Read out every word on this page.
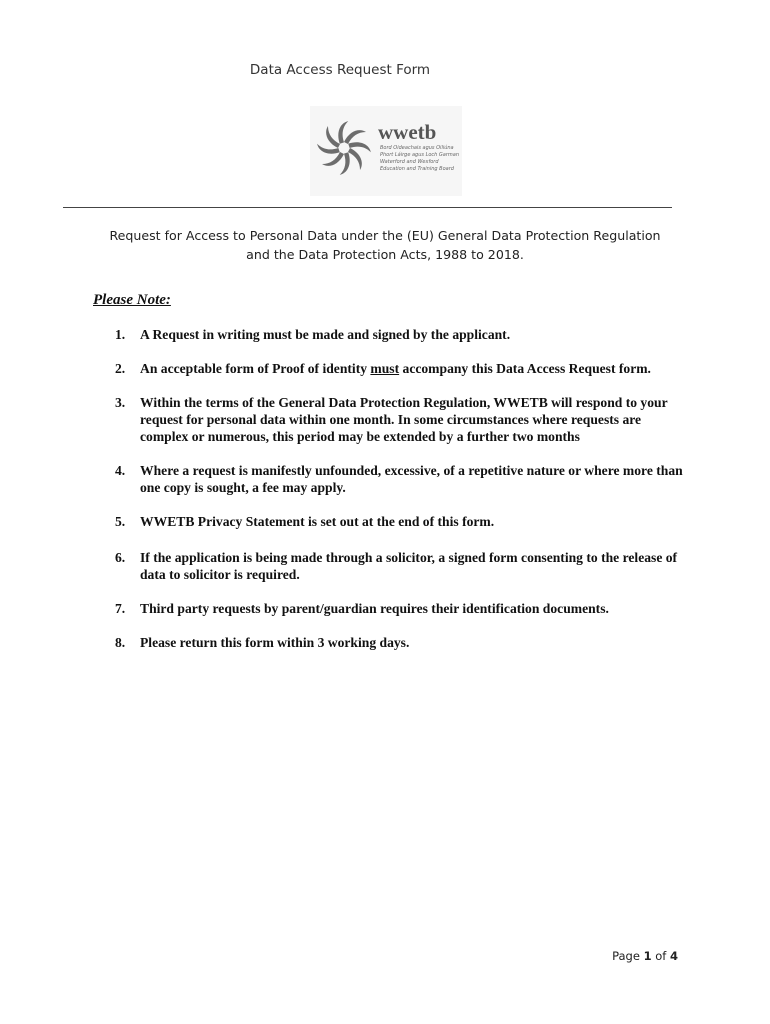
Data Access Request Form
wwetb
Bord Oideachais agus Oiliúna
Phort Láirge agus Loch Garman
Waterford and Wexford
Education and Training Board
Request for Access to Personal Data under the (EU) General Data Protection Regulation
and the Data Protection Acts, 1988 to 2018.
Please Note:
1. A Request in writing must be made and signed by the applicant.
2. An acceptable form of Proof of identity must accompany this Data Access Request form.
3. Within the terms of the General Data Protection Regulation, WWETB will respond to your request for personal data within one month. In some circumstances where requests are complex or numerous, this period may be extended by a further two months
4. Where a request is manifestly unfounded, excessive, of a repetitive nature or where more than one copy is sought, a fee may apply.
5. WWETB Privacy Statement is set out at the end of this form.
6. If the application is being made through a solicitor, a signed form consenting to the release of data to solicitor is required.
7. Third party requests by parent/guardian requires their identification documents.
8. Please return this form within 3 working days.
Page 1 of 4
